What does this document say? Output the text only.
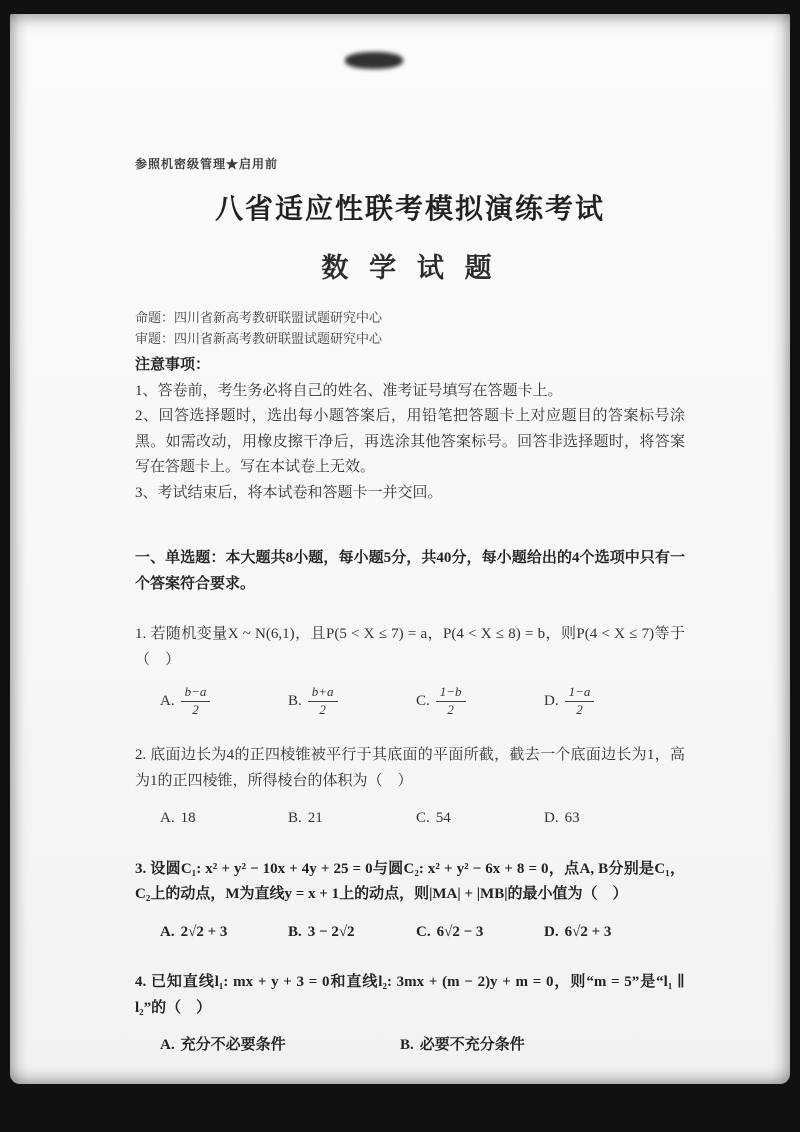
参照机密级管理★启用前
八省适应性联考模拟演练考试
数 学 试 题
命题：四川省新高考教研联盟试题研究中心
审题：四川省新高考教研联盟试题研究中心
注意事项：
1、答卷前，考生务必将自己的姓名、准考证号填写在答题卡上。
2、回答选择题时，选出每小题答案后，用铅笔把答题卡上对应题目的答案标号涂黑。如需改动，用橡皮擦干净后，再选涂其他答案标号。回答非选择题时，将答案写在答题卡上。写在本试卷上无效。
3、考试结束后，将本试卷和答题卡一并交回。
一、单选题：本大题共8小题，每小题5分，共40分，每小题给出的4个选项中只有一个答案符合要求。
1. 若随机变量X ~ N(6,1)，且P(5 < X ≤ 7) = a，P(4 < X ≤ 8) = b，则P(4 < X ≤ 7)等于（　）
A. $\frac{b-a}{2}$	B. $\frac{b+a}{2}$	C. $\frac{1-b}{2}$	D. $\frac{1-a}{2}$
2. 底面边长为4的正四棱锥被平行于其底面的平面所截，截去一个底面边长为1，高为1的正四棱锥，所得棱台的体积为（　）
A. 18	B. 21	C. 54	D. 63
3. 设圆C₁: x² + y² − 10x + 4y + 25 = 0与圆C₂: x² + y² − 6x + 8 = 0，点A, B分别是C₁，C₂上的动点，M为直线y = x + 1上的动点，则|MA| + |MB|的最小值为（　）
A. 2√2 + 3	B. 3 − 2√2	C. 6√2 − 3	D. 6√2 + 3
4. 已知直线l₁: mx + y + 3 = 0和直线l₂: 3mx + (m − 2)y + m = 0，则“m = 5”是“l₁ ∥ l₂”的（　）
A. 充分不必要条件	B. 必要不充分条件
